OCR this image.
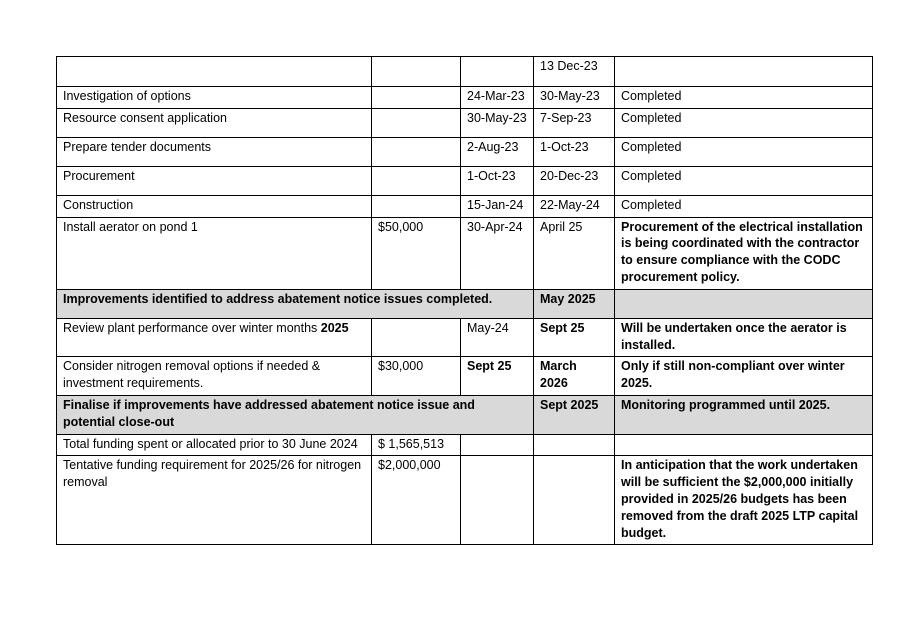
			13 Dec-23	
Investigation of options		24-Mar-23	30-May-23	Completed
Resource consent application		30-May-23	7-Sep-23	Completed
Prepare tender documents		2-Aug-23	1-Oct-23	Completed
Procurement		1-Oct-23	20-Dec-23	Completed
Construction		15-Jan-24	22-May-24	Completed
Install aerator on pond 1	$50,000	30-Apr-24	April 25	Procurement of the electrical installation is being coordinated with the contractor to ensure compliance with the CODC procurement policy.
Improvements identified to address abatement notice issues completed.			May 2025	
Review plant performance over winter months 2025		May-24	Sept 25	Will be undertaken once the aerator is installed.
Consider nitrogen removal options if needed & investment requirements.	$30,000	Sept 25	March 2026	Only if still non-compliant over winter 2025.
Finalise if improvements have addressed abatement notice issue and potential close-out			Sept 2025	Monitoring programmed until 2025.
Total funding spent or allocated prior to 30 June 2024	$ 1,565,513			
Tentative funding requirement for 2025/26 for nitrogen removal	$2,000,000			In anticipation that the work undertaken will be sufficient the $2,000,000 initially provided in 2025/26 budgets has been removed from the draft 2025 LTP capital budget.
